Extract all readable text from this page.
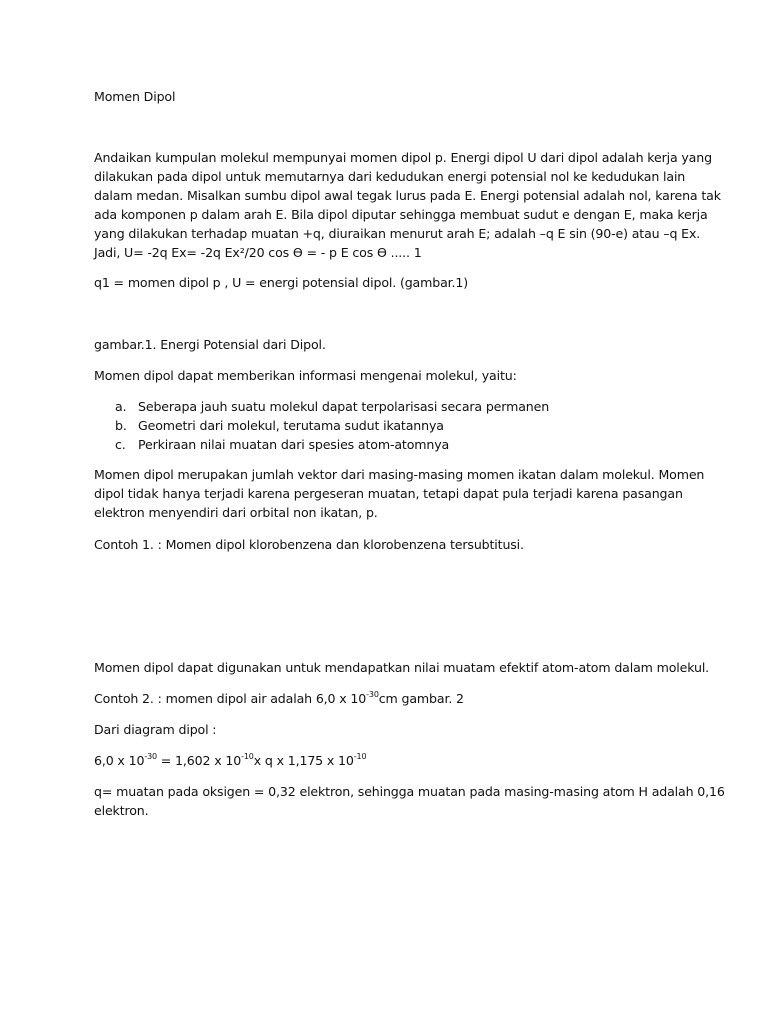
Momen Dipol
Andaikan kumpulan molekul mempunyai momen dipol p. Energi dipol U dari dipol adalah kerja yang
dilakukan pada dipol untuk memutarnya dari kedudukan energi potensial nol ke kedudukan lain
dalam medan. Misalkan sumbu dipol awal tegak lurus pada E. Energi potensial adalah nol, karena tak
ada komponen p dalam arah E. Bila dipol diputar sehingga membuat sudut e dengan E, maka kerja
yang dilakukan terhadap muatan +q, diuraikan menurut arah E; adalah –q E sin (90-e) atau –q Ex.
Jadi, U= -2q Ex= -2q Ex²/20 cos Ө = - p E cos Ө ..... 1
q1 = momen dipol p , U = energi potensial dipol. (gambar.1)
gambar.1. Energi Potensial dari Dipol.
Momen dipol dapat memberikan informasi mengenai molekul, yaitu:
a. Seberapa jauh suatu molekul dapat terpolarisasi secara permanen
b. Geometri dari molekul, terutama sudut ikatannya
c. Perkiraan nilai muatan dari spesies atom-atomnya
Momen dipol merupakan jumlah vektor dari masing-masing momen ikatan dalam molekul. Momen
dipol tidak hanya terjadi karena pergeseran muatan, tetapi dapat pula terjadi karena pasangan
elektron menyendiri dari orbital non ikatan, p.
Contoh 1. : Momen dipol klorobenzena dan klorobenzena tersubtitusi.
Momen dipol dapat digunakan untuk mendapatkan nilai muatam efektif atom-atom dalam molekul.
Contoh 2. : momen dipol air adalah 6,0 x $10^{-30}cm$ gambar. 2
Dari diagram dipol :
6,0 x $10^{-30} = 1,602$ x $10^{-10}x$ q x 1,175 x $10^{-10}$
q= muatan pada oksigen = 0,32 elektron, sehingga muatan pada masing-masing atom H adalah 0,16
elektron.
